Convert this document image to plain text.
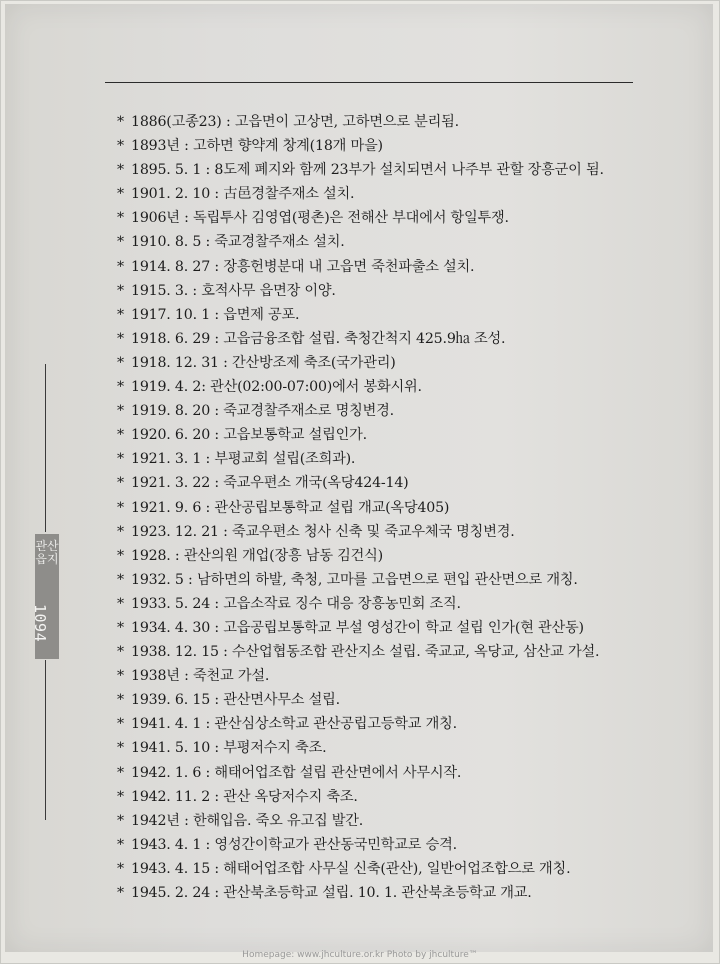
* 1886(고종23) : 고읍면이 고상면, 고하면으로 분리됨.
* 1893년 : 고하면 향약계 창계(18개 마을)
* 1895. 5. 1 : 8도제 폐지와 함께 23부가 설치되면서 나주부 관할 장흥군이 됨.
* 1901. 2. 10 : 古邑경찰주재소 설치.
* 1906년 : 독립투사 김영엽(평촌)은 전해산 부대에서 항일투쟁.
* 1910. 8. 5 : 죽교경찰주재소 설치.
* 1914. 8. 27 : 장흥헌병분대 내 고읍면 죽천파출소 설치.
* 1915. 3. : 호적사무 읍면장 이양.
* 1917. 10. 1 : 읍면제 공포.
* 1918. 6. 29 : 고읍금융조합 설립. 축청간척지 425.9㏊ 조성.
* 1918. 12. 31 : 간산방조제 축조(국가관리)
* 1919. 4. 2: 관산(02:00-07:00)에서 봉화시위.
* 1919. 8. 20 : 죽교경찰주재소로 명칭변경.
* 1920. 6. 20 : 고읍보통학교 설립인가.
* 1921. 3. 1 : 부평교회 설립(조희과).
* 1921. 3. 22 : 죽교우편소 개국(옥당424-14)
* 1921. 9. 6 : 관산공립보통학교 설립 개교(옥당405)
* 1923. 12. 21 : 죽교우편소 청사 신축 및 죽교우체국 명칭변경.
* 1928. : 관산의원 개업(장흥 남동 김건식)
* 1932. 5 : 남하면의 하발, 축청, 고마를 고읍면으로 편입 관산면으로 개칭.
* 1933. 5. 24 : 고읍소작료 징수 대응 장흥농민회 조직.
* 1934. 4. 30 : 고읍공립보통학교 부설 영성간이 학교 설립 인가(현 관산동)
* 1938. 12. 15 : 수산업협동조합 관산지소 설립. 죽교교, 옥당교, 삼산교 가설.
* 1938년 : 죽천교 가설.
* 1939. 6. 15 : 관산면사무소 설립.
* 1941. 4. 1 : 관산심상소학교 관산공립고등학교 개칭.
* 1941. 5. 10 : 부평저수지 축조.
* 1942. 1. 6 : 해태어업조합 설립 관산면에서 사무시작.
* 1942. 11. 2 : 관산 옥당저수지 축조.
* 1942년 : 한해입음. 죽오 유고집 발간.
* 1943. 4. 1 : 영성간이학교가 관산동국민학교로 승격.
* 1943. 4. 15 : 해태어업조합 사무실 신축(관산), 일반어업조합으로 개칭.
* 1945. 2. 24 : 관산북초등학교 설립. 10. 1. 관산북초등학교 개교.
관산읍지
1094
Homepage: www.jhculture.or.kr Photo by jhculture™
